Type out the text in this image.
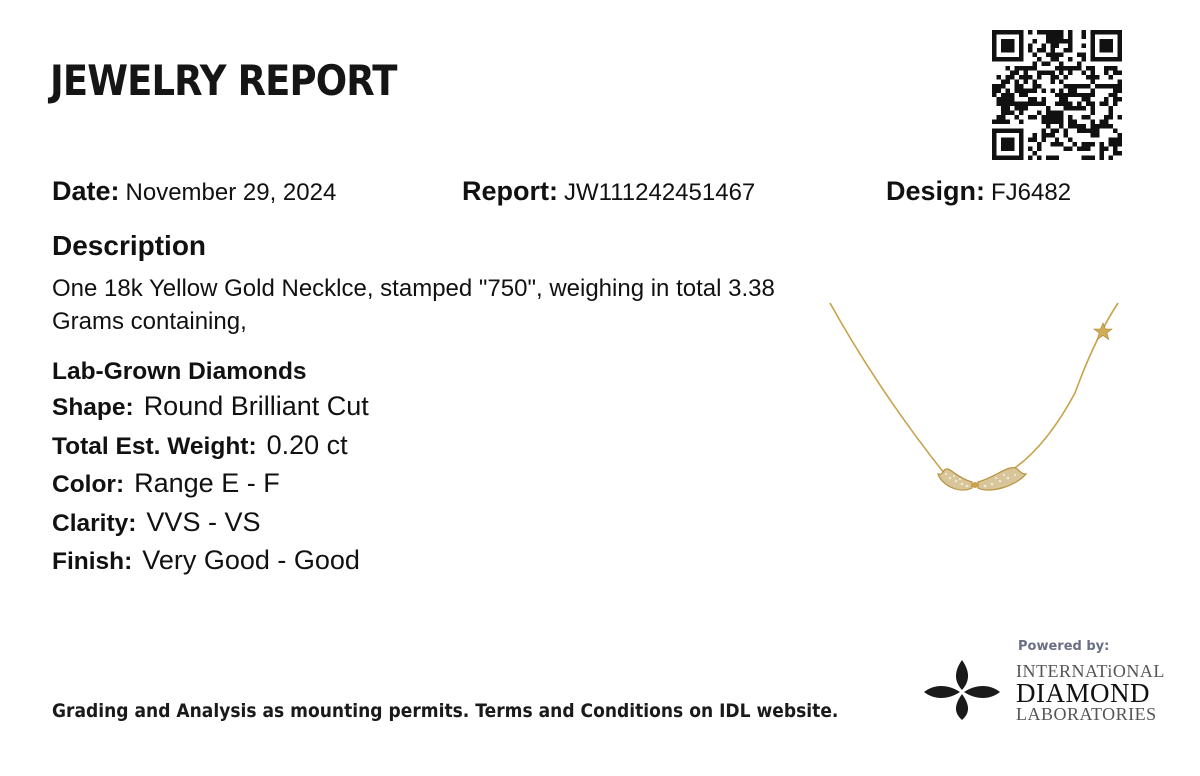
JEWELRY REPORT
Date: November 29, 2024	Report: JW111242451467	Design: FJ6482
Description
One 18k Yellow Gold Necklce, stamped "750", weighing in total 3.38 Grams containing,
Lab-Grown Diamonds
Shape: Round Brilliant Cut
Total Est. Weight: 0.20 ct
Color: Range E - F
Clarity: VVS - VS
Finish: Very Good - Good
Grading and Analysis as mounting permits. Terms and Conditions on IDL website.
Powered by:
INTERNATiONAL
DIAMOND
LABORATORIES
